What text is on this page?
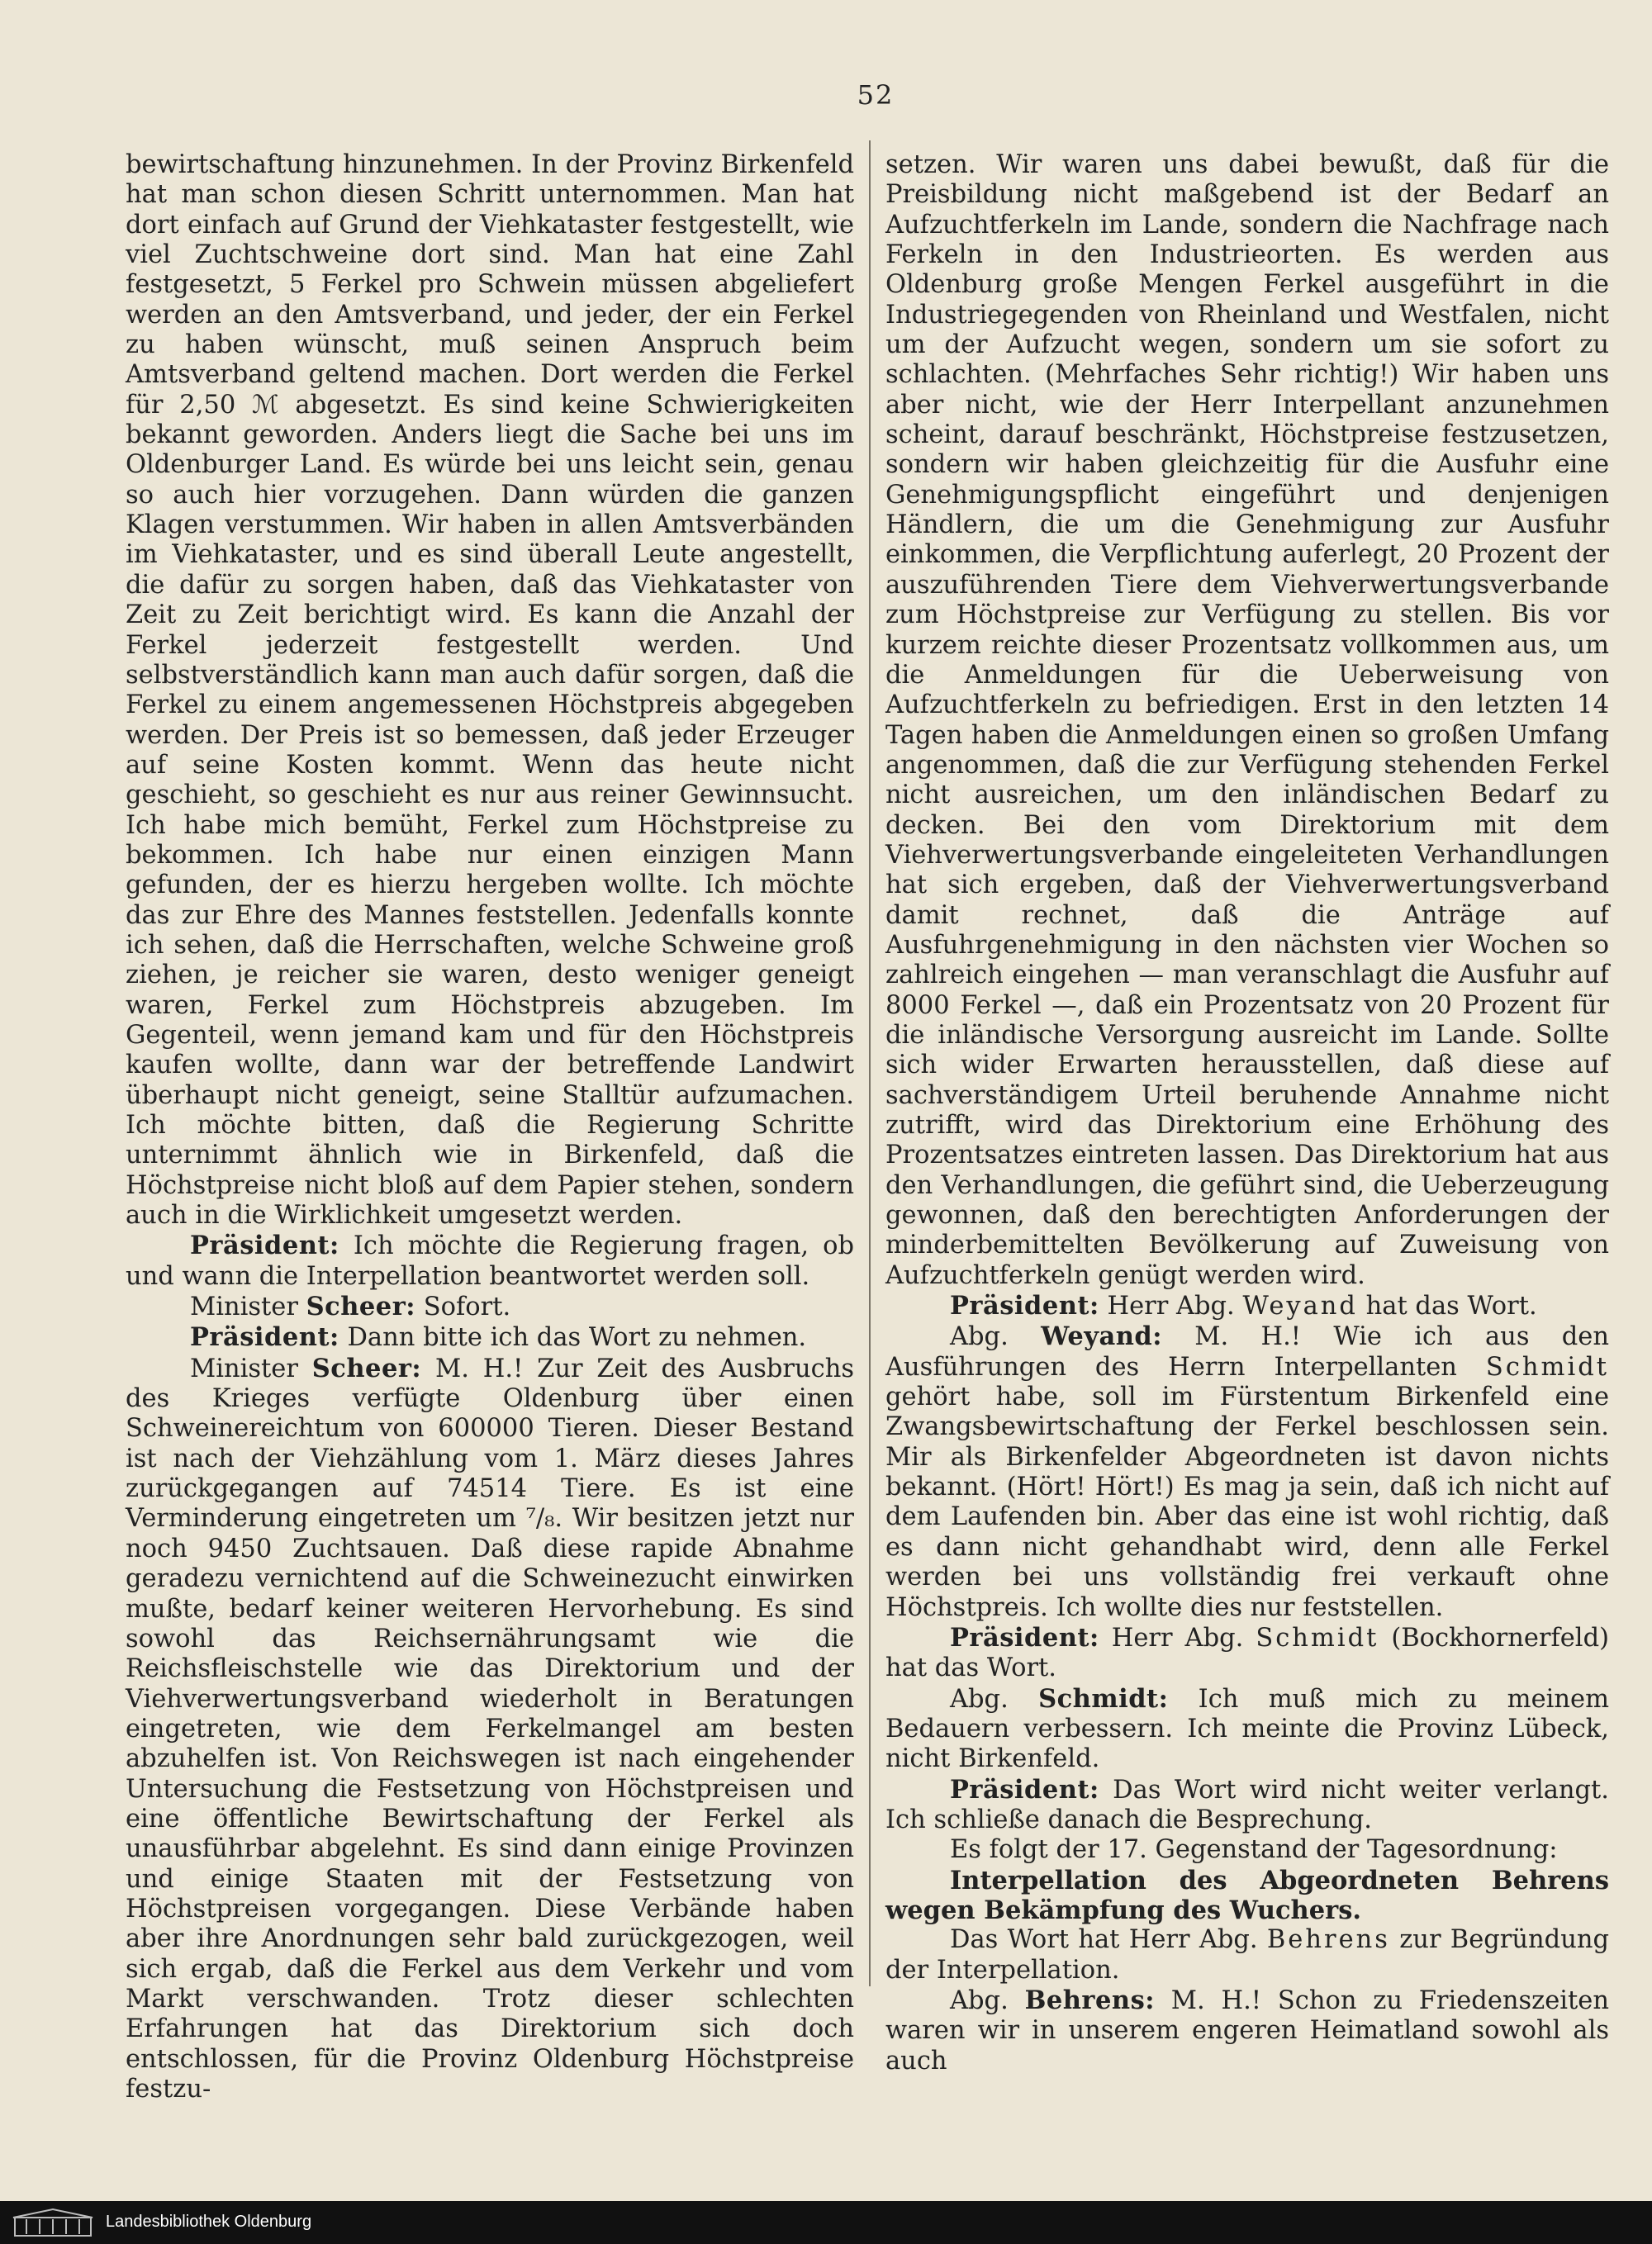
52

bewirtschaftung hinzunehmen. In der Provinz Birkenfeld hat man schon diesen Schritt unternommen. Man hat dort einfach auf Grund der Viehkataster festgestellt, wie viel Zuchtschweine dort sind. Man hat eine Zahl festgesetzt, 5 Ferkel pro Schwein müssen abgeliefert werden an den Amtsverband, und jeder, der ein Ferkel zu haben wünscht, muß seinen Anspruch beim Amtsverband geltend machen. Dort werden die Ferkel für 2,50 ℳ abgesetzt. Es sind keine Schwierigkeiten bekannt geworden. Anders liegt die Sache bei uns im Oldenburger Land. Es würde bei uns leicht sein, genau so auch hier vorzugehen. Dann würden die ganzen Klagen verstummen. Wir haben in allen Amtsverbänden im Viehkataster, und es sind überall Leute angestellt, die dafür zu sorgen haben, daß das Viehkataster von Zeit zu Zeit berichtigt wird. Es kann die Anzahl der Ferkel jederzeit festgestellt werden. Und selbstverständlich kann man auch dafür sorgen, daß die Ferkel zu einem angemessenen Höchstpreis abgegeben werden. Der Preis ist so bemessen, daß jeder Erzeuger auf seine Kosten kommt. Wenn das heute nicht geschieht, so geschieht es nur aus reiner Gewinnsucht. Ich habe mich bemüht, Ferkel zum Höchstpreise zu bekommen. Ich habe nur einen einzigen Mann gefunden, der es hierzu hergeben wollte. Ich möchte das zur Ehre des Mannes feststellen. Jedenfalls konnte ich sehen, daß die Herrschaften, welche Schweine groß ziehen, je reicher sie waren, desto weniger geneigt waren, Ferkel zum Höchstpreis abzugeben. Im Gegenteil, wenn jemand kam und für den Höchstpreis kaufen wollte, dann war der betreffende Landwirt überhaupt nicht geneigt, seine Stalltür aufzumachen. Ich möchte bitten, daß die Regierung Schritte unternimmt ähnlich wie in Birkenfeld, daß die Höchstpreise nicht bloß auf dem Papier stehen, sondern auch in die Wirklichkeit umgesetzt werden.

Präsident: Ich möchte die Regierung fragen, ob und wann die Interpellation beantwortet werden soll.

Minister Scheer: Sofort.

Präsident: Dann bitte ich das Wort zu nehmen.

Minister Scheer: M. H.! Zur Zeit des Ausbruchs des Krieges verfügte Oldenburg über einen Schweinereichtum von 600000 Tieren. Dieser Bestand ist nach der Viehzählung vom 1. März dieses Jahres zurückgegangen auf 74514 Tiere. Es ist eine Verminderung eingetreten um ⁷/₈. Wir besitzen jetzt nur noch 9450 Zuchtsauen. Daß diese rapide Abnahme geradezu vernichtend auf die Schweinezucht einwirken mußte, bedarf keiner weiteren Hervorhebung. Es sind sowohl das Reichsernährungsamt wie die Reichsfleischstelle wie das Direktorium und der Viehverwertungsverband wiederholt in Beratungen eingetreten, wie dem Ferkelmangel am besten abzuhelfen ist. Von Reichswegen ist nach eingehender Untersuchung die Festsetzung von Höchstpreisen und eine öffentliche Bewirtschaftung der Ferkel als unausführbar abgelehnt. Es sind dann einige Provinzen und einige Staaten mit der Festsetzung von Höchstpreisen vorgegangen. Diese Verbände haben aber ihre Anordnungen sehr bald zurückgezogen, weil sich ergab, daß die Ferkel aus dem Verkehr und vom Markt verschwanden. Trotz dieser schlechten Erfahrungen hat das Direktorium sich doch entschlossen, für die Provinz Oldenburg Höchstpreise festzu-

setzen. Wir waren uns dabei bewußt, daß für die Preisbildung nicht maßgebend ist der Bedarf an Aufzuchtferkeln im Lande, sondern die Nachfrage nach Ferkeln in den Industrieorten. Es werden aus Oldenburg große Mengen Ferkel ausgeführt in die Industriegegenden von Rheinland und Westfalen, nicht um der Aufzucht wegen, sondern um sie sofort zu schlachten. (Mehrfaches Sehr richtig!) Wir haben uns aber nicht, wie der Herr Interpellant anzunehmen scheint, darauf beschränkt, Höchstpreise festzusetzen, sondern wir haben gleichzeitig für die Ausfuhr eine Genehmigungspflicht eingeführt und denjenigen Händlern, die um die Genehmigung zur Ausfuhr einkommen, die Verpflichtung auferlegt, 20 Prozent der auszuführenden Tiere dem Viehverwertungsverbande zum Höchstpreise zur Verfügung zu stellen. Bis vor kurzem reichte dieser Prozentsatz vollkommen aus, um die Anmeldungen für die Ueberweisung von Aufzuchtferkeln zu befriedigen. Erst in den letzten 14 Tagen haben die Anmeldungen einen so großen Umfang angenommen, daß die zur Verfügung stehenden Ferkel nicht ausreichen, um den inländischen Bedarf zu decken. Bei den vom Direktorium mit dem Viehverwertungsverbande eingeleiteten Verhandlungen hat sich ergeben, daß der Viehverwertungsverband damit rechnet, daß die Anträge auf Ausfuhrgenehmigung in den nächsten vier Wochen so zahlreich eingehen — man veranschlagt die Ausfuhr auf 8000 Ferkel —, daß ein Prozentsatz von 20 Prozent für die inländische Versorgung ausreicht im Lande. Sollte sich wider Erwarten herausstellen, daß diese auf sachverständigem Urteil beruhende Annahme nicht zutrifft, wird das Direktorium eine Erhöhung des Prozentsatzes eintreten lassen. Das Direktorium hat aus den Verhandlungen, die geführt sind, die Ueberzeugung gewonnen, daß den berechtigten Anforderungen der minderbemittelten Bevölkerung auf Zuweisung von Aufzuchtferkeln genügt werden wird.

Präsident: Herr Abg. Weyand hat das Wort.

Abg. Weyand: M. H.! Wie ich aus den Ausführungen des Herrn Interpellanten Schmidt gehört habe, soll im Fürstentum Birkenfeld eine Zwangsbewirtschaftung der Ferkel beschlossen sein. Mir als Birkenfelder Abgeordneten ist davon nichts bekannt. (Hört! Hört!) Es mag ja sein, daß ich nicht auf dem Laufenden bin. Aber das eine ist wohl richtig, daß es dann nicht gehandhabt wird, denn alle Ferkel werden bei uns vollständig frei verkauft ohne Höchstpreis. Ich wollte dies nur feststellen.

Präsident: Herr Abg. Schmidt (Bockhornerfeld) hat das Wort.

Abg. Schmidt: Ich muß mich zu meinem Bedauern verbessern. Ich meinte die Provinz Lübeck, nicht Birkenfeld.

Präsident: Das Wort wird nicht weiter verlangt. Ich schließe danach die Besprechung.

Es folgt der 17. Gegenstand der Tagesordnung:

Interpellation des Abgeordneten Behrens wegen Bekämpfung des Wuchers.

Das Wort hat Herr Abg. Behrens zur Begründung der Interpellation.

Abg. Behrens: M. H.! Schon zu Friedenszeiten waren wir in unserem engeren Heimatland sowohl als auch

Landesbibliothek Oldenburg
